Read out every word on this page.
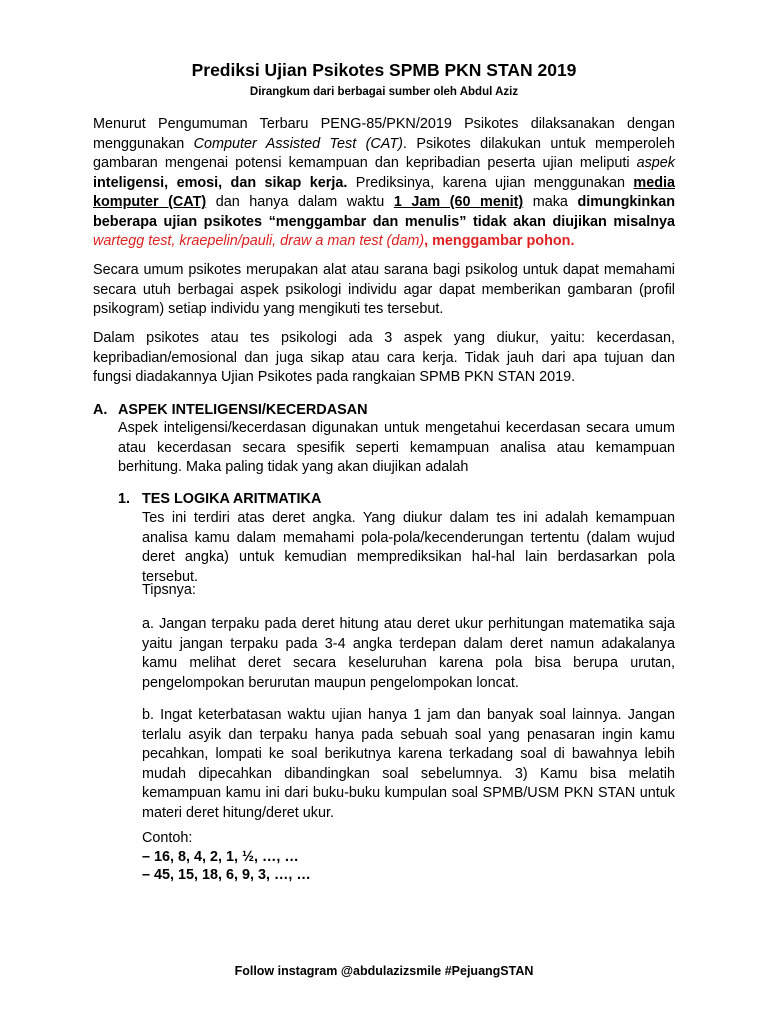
Prediksi Ujian Psikotes SPMB PKN STAN 2019
Dirangkum dari berbagai sumber oleh Abdul Aziz

Menurut Pengumuman Terbaru PENG-85/PKN/2019 Psikotes dilaksanakan dengan menggunakan Computer Assisted Test (CAT). Psikotes dilakukan untuk memperoleh gambaran mengenai potensi kemampuan dan kepribadian peserta ujian meliputi aspek inteligensi, emosi, dan sikap kerja. Prediksinya, karena ujian menggunakan media komputer (CAT) dan hanya dalam waktu 1 Jam (60 menit) maka dimungkinkan beberapa ujian psikotes “menggambar dan menulis” tidak akan diujikan misalnya wartegg test, kraepelin/pauli, draw a man test (dam), menggambar pohon.

Secara umum psikotes merupakan alat atau sarana bagi psikolog untuk dapat memahami secara utuh berbagai aspek psikologi individu agar dapat memberikan gambaran (profil psikogram) setiap individu yang mengikuti tes tersebut.

Dalam psikotes atau tes psikologi ada 3 aspek yang diukur, yaitu: kecerdasan, kepribadian/emosional dan juga sikap atau cara kerja. Tidak jauh dari apa tujuan dan fungsi diadakannya Ujian Psikotes pada rangkaian SPMB PKN STAN 2019.

A. ASPEK INTELIGENSI/KECERDASAN

Aspek inteligensi/kecerdasan digunakan untuk mengetahui kecerdasan secara umum atau kecerdasan secara spesifik seperti kemampuan analisa atau kemampuan berhitung. Maka paling tidak yang akan diujikan adalah

1. TES LOGIKA ARITMATIKA

Tes ini terdiri atas deret angka. Yang diukur dalam tes ini adalah kemampuan analisa kamu dalam memahami pola-pola/kecenderungan tertentu (dalam wujud deret angka) untuk kemudian memprediksikan hal-hal lain berdasarkan pola tersebut.

Tipsnya:

a. Jangan terpaku pada deret hitung atau deret ukur perhitungan matematika saja yaitu jangan terpaku pada 3-4 angka terdepan dalam deret namun adakalanya kamu melihat deret secara keseluruhan karena pola bisa berupa urutan, pengelompokan berurutan maupun pengelompokan loncat.

b. Ingat keterbatasan waktu ujian hanya 1 jam dan banyak soal lainnya. Jangan terlalu asyik dan terpaku hanya pada sebuah soal yang penasaran ingin kamu pecahkan, lompati ke soal berikutnya karena terkadang soal di bawahnya lebih mudah dipecahkan dibandingkan soal sebelumnya. 3) Kamu bisa melatih kemampuan kamu ini dari buku-buku kumpulan soal SPMB/USM PKN STAN untuk materi deret hitung/deret ukur.

Contoh:

– 16, 8, 4, 2, 1, ½, …, …
– 45, 15, 18, 6, 9, 3, …, …
Follow instagram @abdulazizsmile #PejuangSTAN
